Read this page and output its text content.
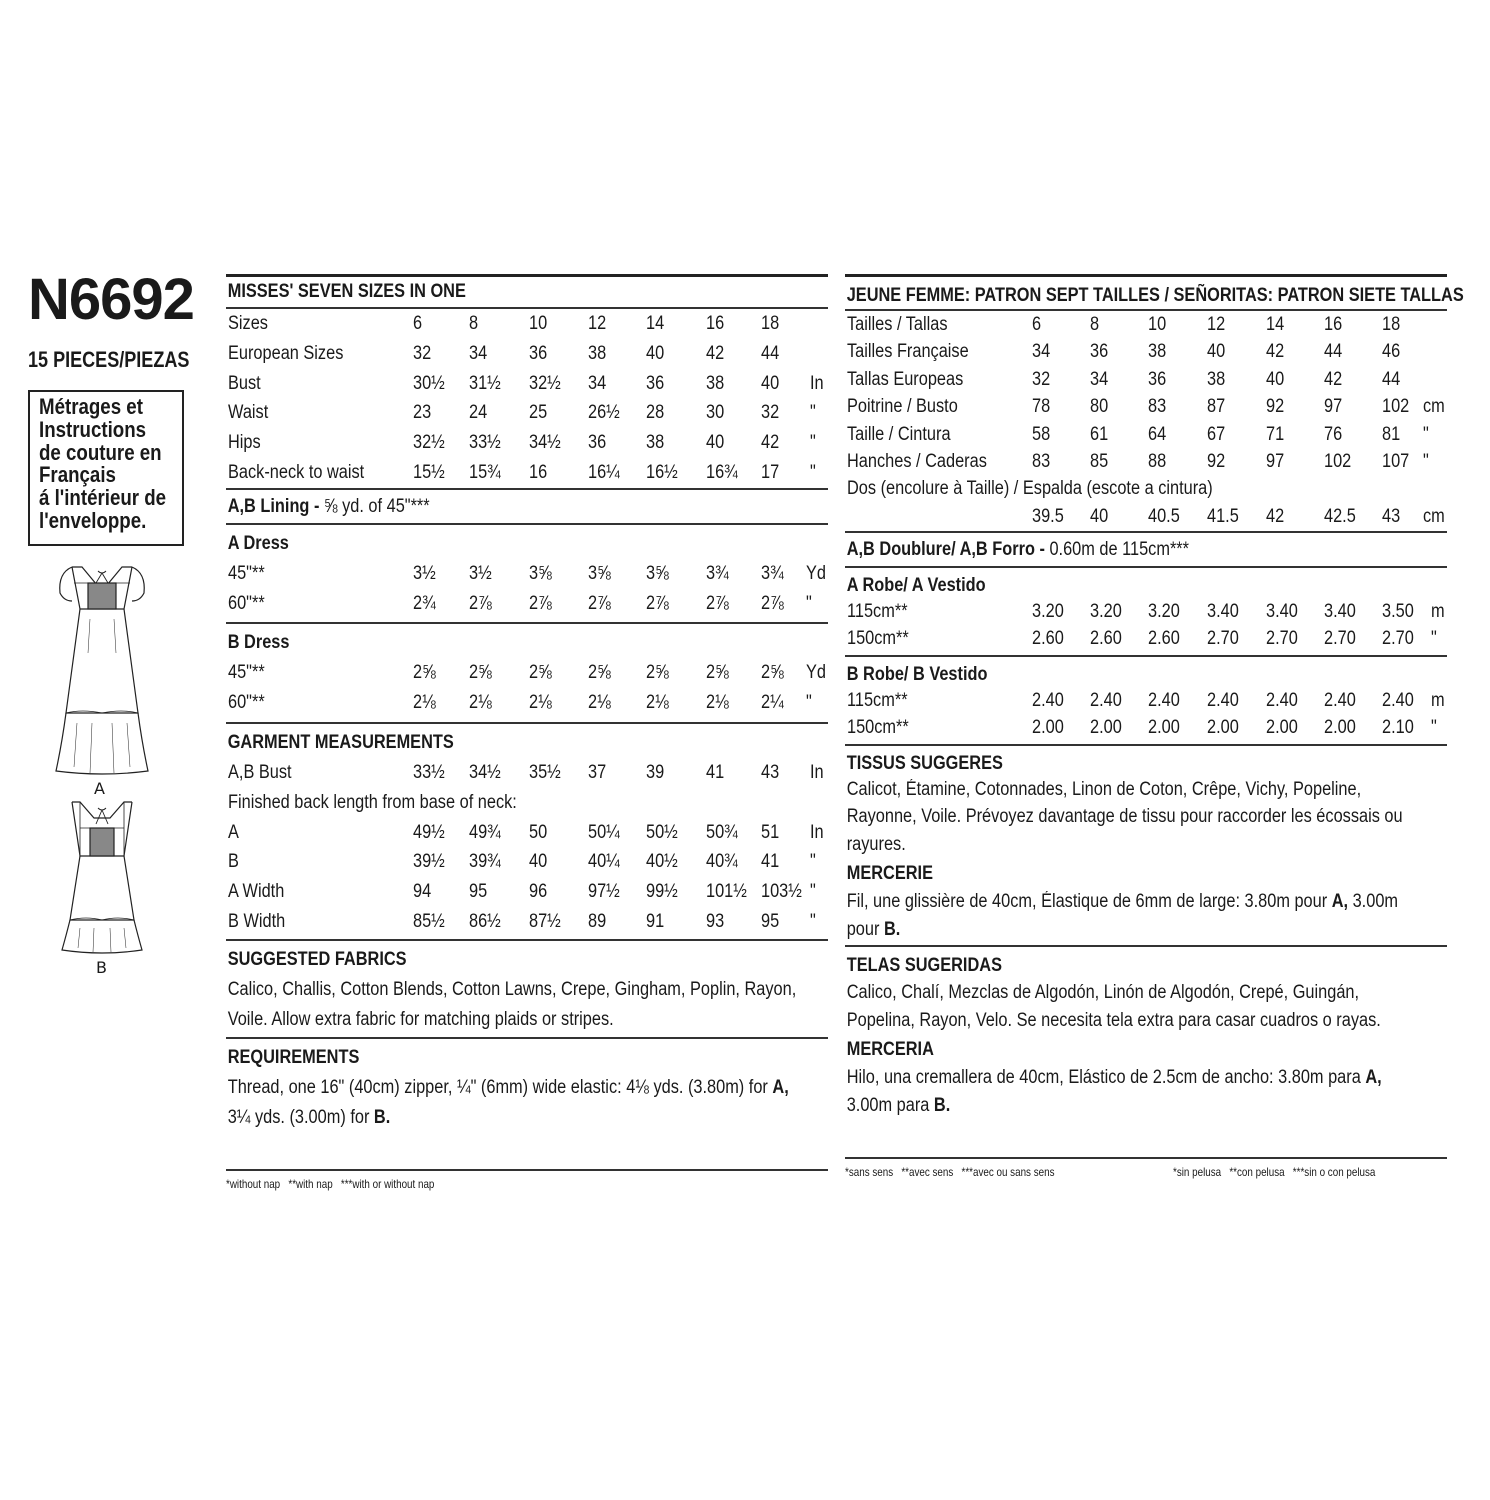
N6692
15 PIECES/PIEZAS
Métrages et
Instructions
de couture en
Français
á l'intérieur de
l'enveloppe.
A
B
MISSES' SEVEN SIZES IN ONE
Sizes	6 8	10 12 14 16 18
European Sizes	32 34 36 38 40 42 44
Bust	30½ 31½ 32½ 34 36 38 40 In
Waist	23 24 25 26½ 28 30 32 "
Hips	32½ 33½ 34½ 36 38 40 42 "
Back-neck to waist	15½ 15¾ 16 16¼ 16½ 16¾ 17 "
A,B Lining - ⅝ yd. of 45"***
A Dress
45"**	3½ 3½ 3⅝ 3⅝ 3⅝ 3¾ 3¾ Yd
60"**	2¾ 2⅞ 2⅞ 2⅞ 2⅞ 2⅞ 2⅞ "
B Dress
45"**	2⅝ 2⅝ 2⅝ 2⅝ 2⅝ 2⅝ 2⅝ Yd
60"**	2⅛ 2⅛ 2⅛ 2⅛ 2⅛ 2⅛ 2¼ "
GARMENT MEASUREMENTS
A,B Bust	33½ 34½ 35½ 37 39 41 43 In
Finished back length from base of neck:
A	49½ 49¾ 50 50¼ 50½ 50¾ 51 In
B	39½ 39¾ 40 40¼ 40½ 40¾ 41 "
A Width	94 95 96 97½ 99½ 101½ 103½ "
B Width	85½ 86½ 87½ 89 91 93 95 "
SUGGESTED FABRICS
Calico, Challis, Cotton Blends, Cotton Lawns, Crepe, Gingham, Poplin, Rayon,
Voile. Allow extra fabric for matching plaids or stripes.
REQUIREMENTS
Thread, one 16" (40cm) zipper, ¼" (6mm) wide elastic: 4⅛ yds. (3.80m) for A,
3¼ yds. (3.00m) for B.
*without nap   **with nap   ***with or without nap
JEUNE FEMME: PATRON SEPT TAILLES / SEÑORITAS: PATRON SIETE TALLAS
Tailles / Tallas	6	8	10 12 14 16 18
Tailles Française	34 36 38 40 42 44 46
Tallas Europeas	32 34 36 38 40 42 44
Poitrine / Busto	78 80 83 87 92 97 102 cm
Taille / Cintura	58 61 64 67 71 76 81 "
Hanches / Caderas 83 85 88 92 97 102 107 "
Dos (encolure à Taille) / Espalda (escote a cintura)
39.5 40 40.5 41.5 42 42.5 43 cm
A,B Doublure/ A,B Forro - 0.60m de 115cm***
A Robe/ A Vestido
115cm**	3.20 3.20 3.20 3.40 3.40 3.40 3.50 m
150cm**	2.60 2.60 2.60 2.70 2.70 2.70 2.70 "
B Robe/ B Vestido
115cm**	2.40 2.40 2.40 2.40 2.40 2.40 2.40 m
150cm**	2.00 2.00 2.00 2.00 2.00 2.00 2.10 "
TISSUS SUGGERES
Calicot, Étamine, Cotonnades, Linon de Coton, Crêpe, Vichy, Popeline,
Rayonne, Voile. Prévoyez davantage de tissu pour raccorder les écossais ou
rayures.
MERCERIE
Fil, une glissière de 40cm, Élastique de 6mm de large: 3.80m pour A, 3.00m
pour B.
TELAS SUGERIDAS
Calico, Chalí, Mezclas de Algodón, Linón de Algodón, Crepé, Guingán,
Popelina, Rayon, Velo. Se necesita tela extra para casar cuadros o rayas.
MERCERIA
Hilo, una cremallera de 40cm, Elástico de 2.5cm de ancho: 3.80m para A,
3.00m para B.
*sans sens   **avec sens   ***avec ou sans sens	*sin pelusa   **con pelusa   ***sin o con pelusa
